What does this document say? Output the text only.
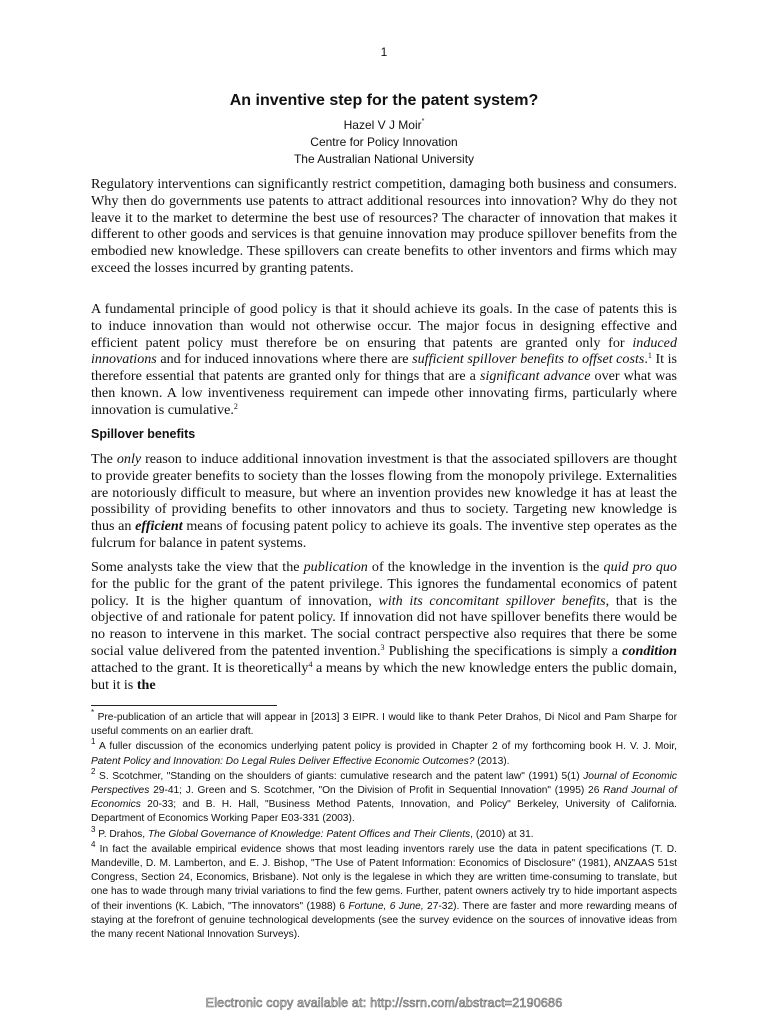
1
An inventive step for the patent system?
Hazel V J Moir*
Centre for Policy Innovation
The Australian National University

Regulatory interventions can significantly restrict competition, damaging both business and consumers. Why then do governments use patents to attract additional resources into innovation? Why do they not leave it to the market to determine the best use of resources? The character of innovation that makes it different to other goods and services is that genuine innovation may produce spillover benefits from the embodied new knowledge. These spillovers can create benefits to other inventors and firms which may exceed the losses incurred by granting patents.

A fundamental principle of good policy is that it should achieve its goals. In the case of patents this is to induce innovation than would not otherwise occur. The major focus in designing effective and efficient patent policy must therefore be on ensuring that patents are granted only for induced innovations and for induced innovations where there are sufficient spillover benefits to offset costs.$^1$ It is therefore essential that patents are granted only for things that are a significant advance over what was then known. A low inventiveness requirement can impede other innovating firms, particularly where innovation is cumulative.$^2$

Spillover benefits

The only reason to induce additional innovation investment is that the associated spillovers are thought to provide greater benefits to society than the losses flowing from the monopoly privilege. Externalities are notoriously difficult to measure, but where an invention provides new knowledge it has at least the possibility of providing benefits to other innovators and thus to society. Targeting new knowledge is thus an efficient means of focusing patent policy to achieve its goals. The inventive step operates as the fulcrum for balance in patent systems.

Some analysts take the view that the publication of the knowledge in the invention is the quid pro quo for the public for the grant of the patent privilege. This ignores the fundamental economics of patent policy. It is the higher quantum of innovation, with its concomitant spillover benefits, that is the objective of and rationale for patent policy. If innovation did not have spillover benefits there would be no reason to intervene in this market. The social contract perspective also requires that there be some social value delivered from the patented invention.$^3$ Publishing the specifications is simply a condition attached to the grant. It is theoretically$^4$ a means by which the new knowledge enters the public domain, but it is the

* Pre-publication of an article that will appear in [2013] 3 EIPR. I would like to thank Peter Drahos, Di Nicol and Pam Sharpe for useful comments on an earlier draft.

$^1$ A fuller discussion of the economics underlying patent policy is provided in Chapter 2 of my forthcoming book H. V. J. Moir, Patent Policy and Innovation: Do Legal Rules Deliver Effective Economic Outcomes? (2013).

$^2$ S. Scotchmer, "Standing on the shoulders of giants: cumulative research and the patent law" (1991) 5(1) Journal of Economic Perspectives 29-41; J. Green and S. Scotchmer, "On the Division of Profit in Sequential Innovation" (1995) 26 Rand Journal of Economics 20-33; and B. H. Hall, "Business Method Patents, Innovation, and Policy" Berkeley, University of California. Department of Economics Working Paper E03-331 (2003).

$^3$ P. Drahos, The Global Governance of Knowledge: Patent Offices and Their Clients, (2010) at 31.

$^4$ In fact the available empirical evidence shows that most leading inventors rarely use the data in patent specifications (T. D. Mandeville, D. M. Lamberton, and E. J. Bishop, "The Use of Patent Information: Economics of Disclosure" (1981), ANZAAS 51st Congress, Section 24, Economics, Brisbane). Not only is the legalese in which they are written time-consuming to translate, but one has to wade through many trivial variations to find the few gems. Further, patent owners actively try to hide important aspects of their inventions (K. Labich, "The innovators" (1988) 6 Fortune, 6 June, 27-32). There are faster and more rewarding means of staying at the forefront of genuine technological developments (see the survey evidence on the sources of innovative ideas from the many recent National Innovation Surveys).

Electronic copy available at: http://ssrn.com/abstract=2190686
